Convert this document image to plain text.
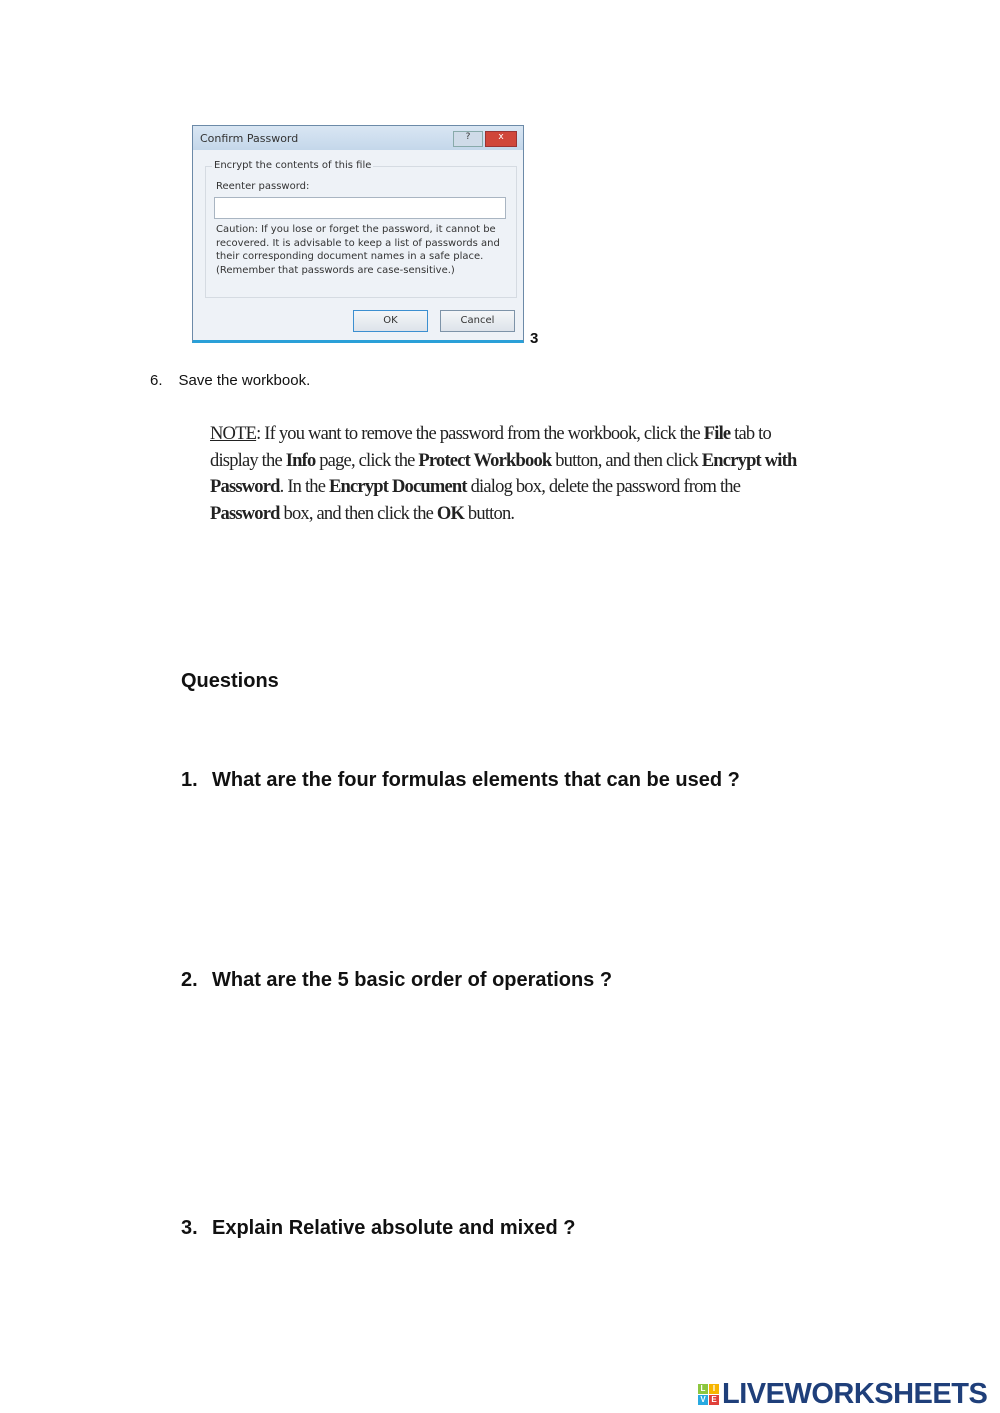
Confirm Password	?	x
Encrypt the contents of this file
Reenter password:
Caution: If you lose or forget the password, it cannot be recovered. It is advisable to keep a list of passwords and their corresponding document names in a safe place.
(Remember that passwords are case-sensitive.)
OK	Cancel
3
6. Save the workbook.
NOTE: If you want to remove the password from the workbook, click the File tab to display the Info page, click the Protect Workbook button, and then click Encrypt with Password. In the Encrypt Document dialog box, delete the password from the Password box, and then click the OK button.
Questions
1. What are the four formulas elements that can be used ?
2. What are the 5 basic order of operations ?
3. Explain Relative absolute and mixed ?
L I
V E LIVEWORKSHEETS
